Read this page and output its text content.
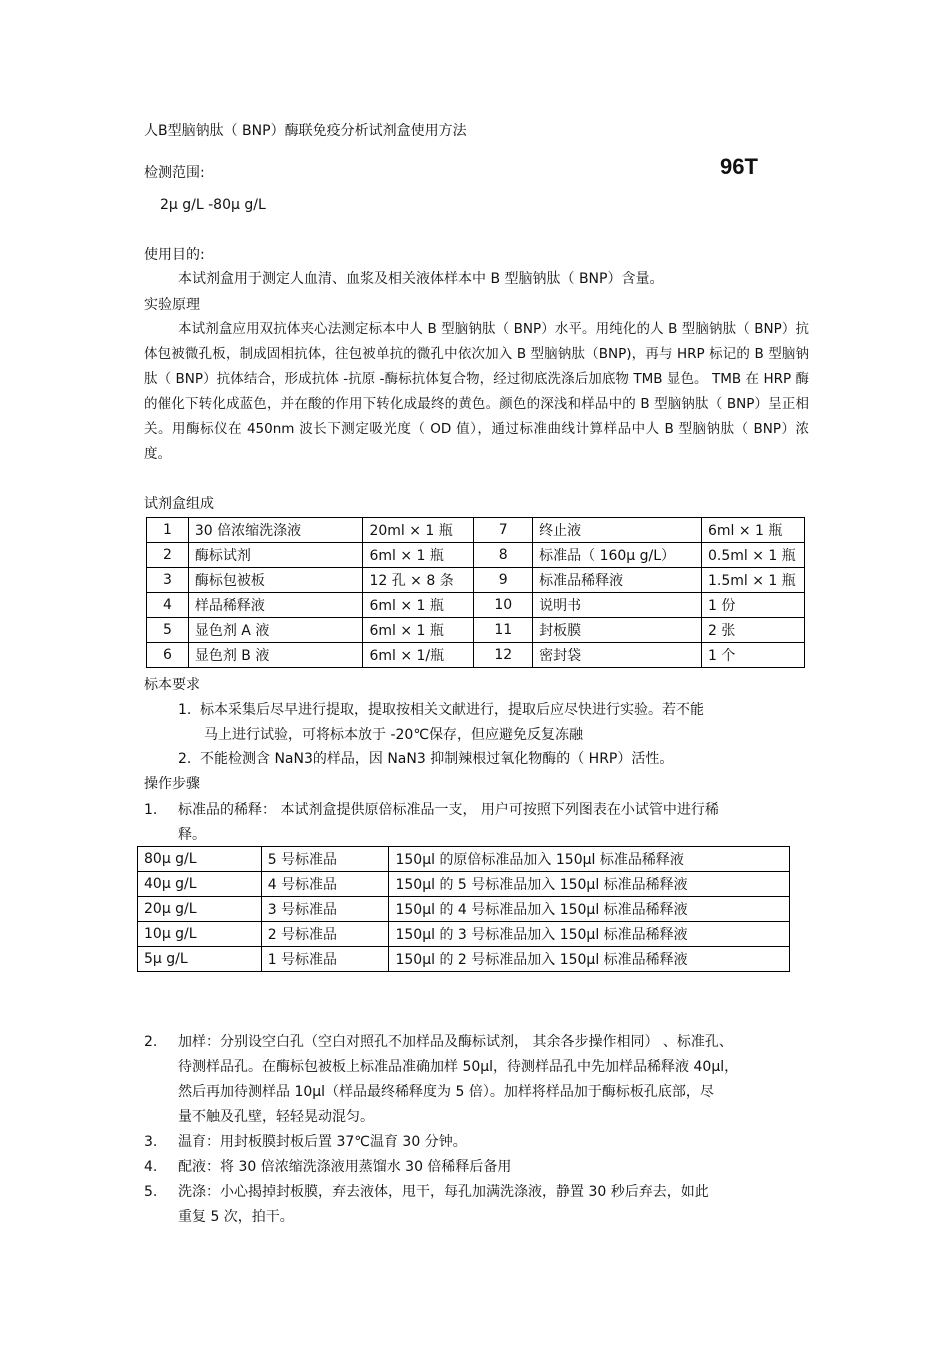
人B型脑钠肽（ BNP）酶联免疫分析试剂盒使用方法
检测范围:	96T
2μ g/L -80μ g/L
使用目的:
本试剂盒用于测定人血清、血浆及相关液体样本中 B 型脑钠肽（ BNP）含量。
实验原理
本试剂盒应用双抗体夹心法测定标本中人 B 型脑钠肽（ BNP）水平。用纯化的人 B 型脑钠肽（ BNP）抗体包被微孔板，制成固相抗体，往包被单抗的微孔中依次加入 B 型脑钠肽（BNP)，再与 HRP 标记的 B 型脑钠肽（ BNP）抗体结合，形成抗体 -抗原 -酶标抗体复合物，经过彻底洗涤后加底物 TMB 显色。 TMB 在 HRP 酶的催化下转化成蓝色，并在酸的作用下转化成最终的黄色。颜色的深浅和样品中的 B 型脑钠肽（ BNP）呈正相关。用酶标仪在 450nm 波长下测定吸光度（ OD 值），通过标准曲线计算样品中人 B 型脑钠肽（ BNP）浓度。
试剂盒组成
1	30 倍浓缩洗涤液	20ml × 1 瓶	7	终止液	6ml × 1 瓶
2	酶标试剂	6ml × 1 瓶	8	标准品（ 160μ g/L）	0.5ml × 1 瓶
3	酶标包被板	12 孔 × 8 条	9	标准品稀释液	1.5ml × 1 瓶
4	样品稀释液	6ml × 1 瓶	10	说明书	1 份
5	显色剂 A 液	6ml × 1 瓶	11	封板膜	2 张
6	显色剂 B 液	6ml × 1/瓶	12	密封袋	1 个
标本要求
1. 标本采集后尽早进行提取，提取按相关文献进行，提取后应尽快进行实验。若不能
马上进行试验，可将标本放于 -20℃保存，但应避免反复冻融
2. 不能检测含 NaN3的样品，因 NaN3 抑制辣根过氧化物酶的（ HRP）活性。
操作步骤
1. 标准品的稀释： 本试剂盒提供原倍标准品一支， 用户可按照下列图表在小试管中进行稀
释。
80μ g/L	5 号标准品	150μl 的原倍标准品加入 150μl 标准品稀释液
40μ g/L	4 号标准品	150μl 的 5 号标准品加入 150μl 标准品稀释液
20μ g/L	3 号标准品	150μl 的 4 号标准品加入 150μl 标准品稀释液
10μ g/L	2 号标准品	150μl 的 3 号标准品加入 150μl 标准品稀释液
5μ g/L	1 号标准品	150μl 的 2 号标准品加入 150μl 标准品稀释液
2. 加样：分别设空白孔（空白对照孔不加样品及酶标试剂， 其余各步操作相同） 、标准孔、
待测样品孔。在酶标包被板上标准品准确加样 50μl，待测样品孔中先加样品稀释液 40μl，
然后再加待测样品 10μl（样品最终稀释度为 5 倍）。加样将样品加于酶标板孔底部，尽
量不触及孔壁，轻轻晃动混匀。
3. 温育：用封板膜封板后置 37℃温育 30 分钟。
4. 配液：将 30 倍浓缩洗涤液用蒸馏水 30 倍稀释后备用
5. 洗涤：小心揭掉封板膜，弃去液体，甩干，每孔加满洗涤液，静置 30 秒后弃去，如此
重复 5 次，拍干。
